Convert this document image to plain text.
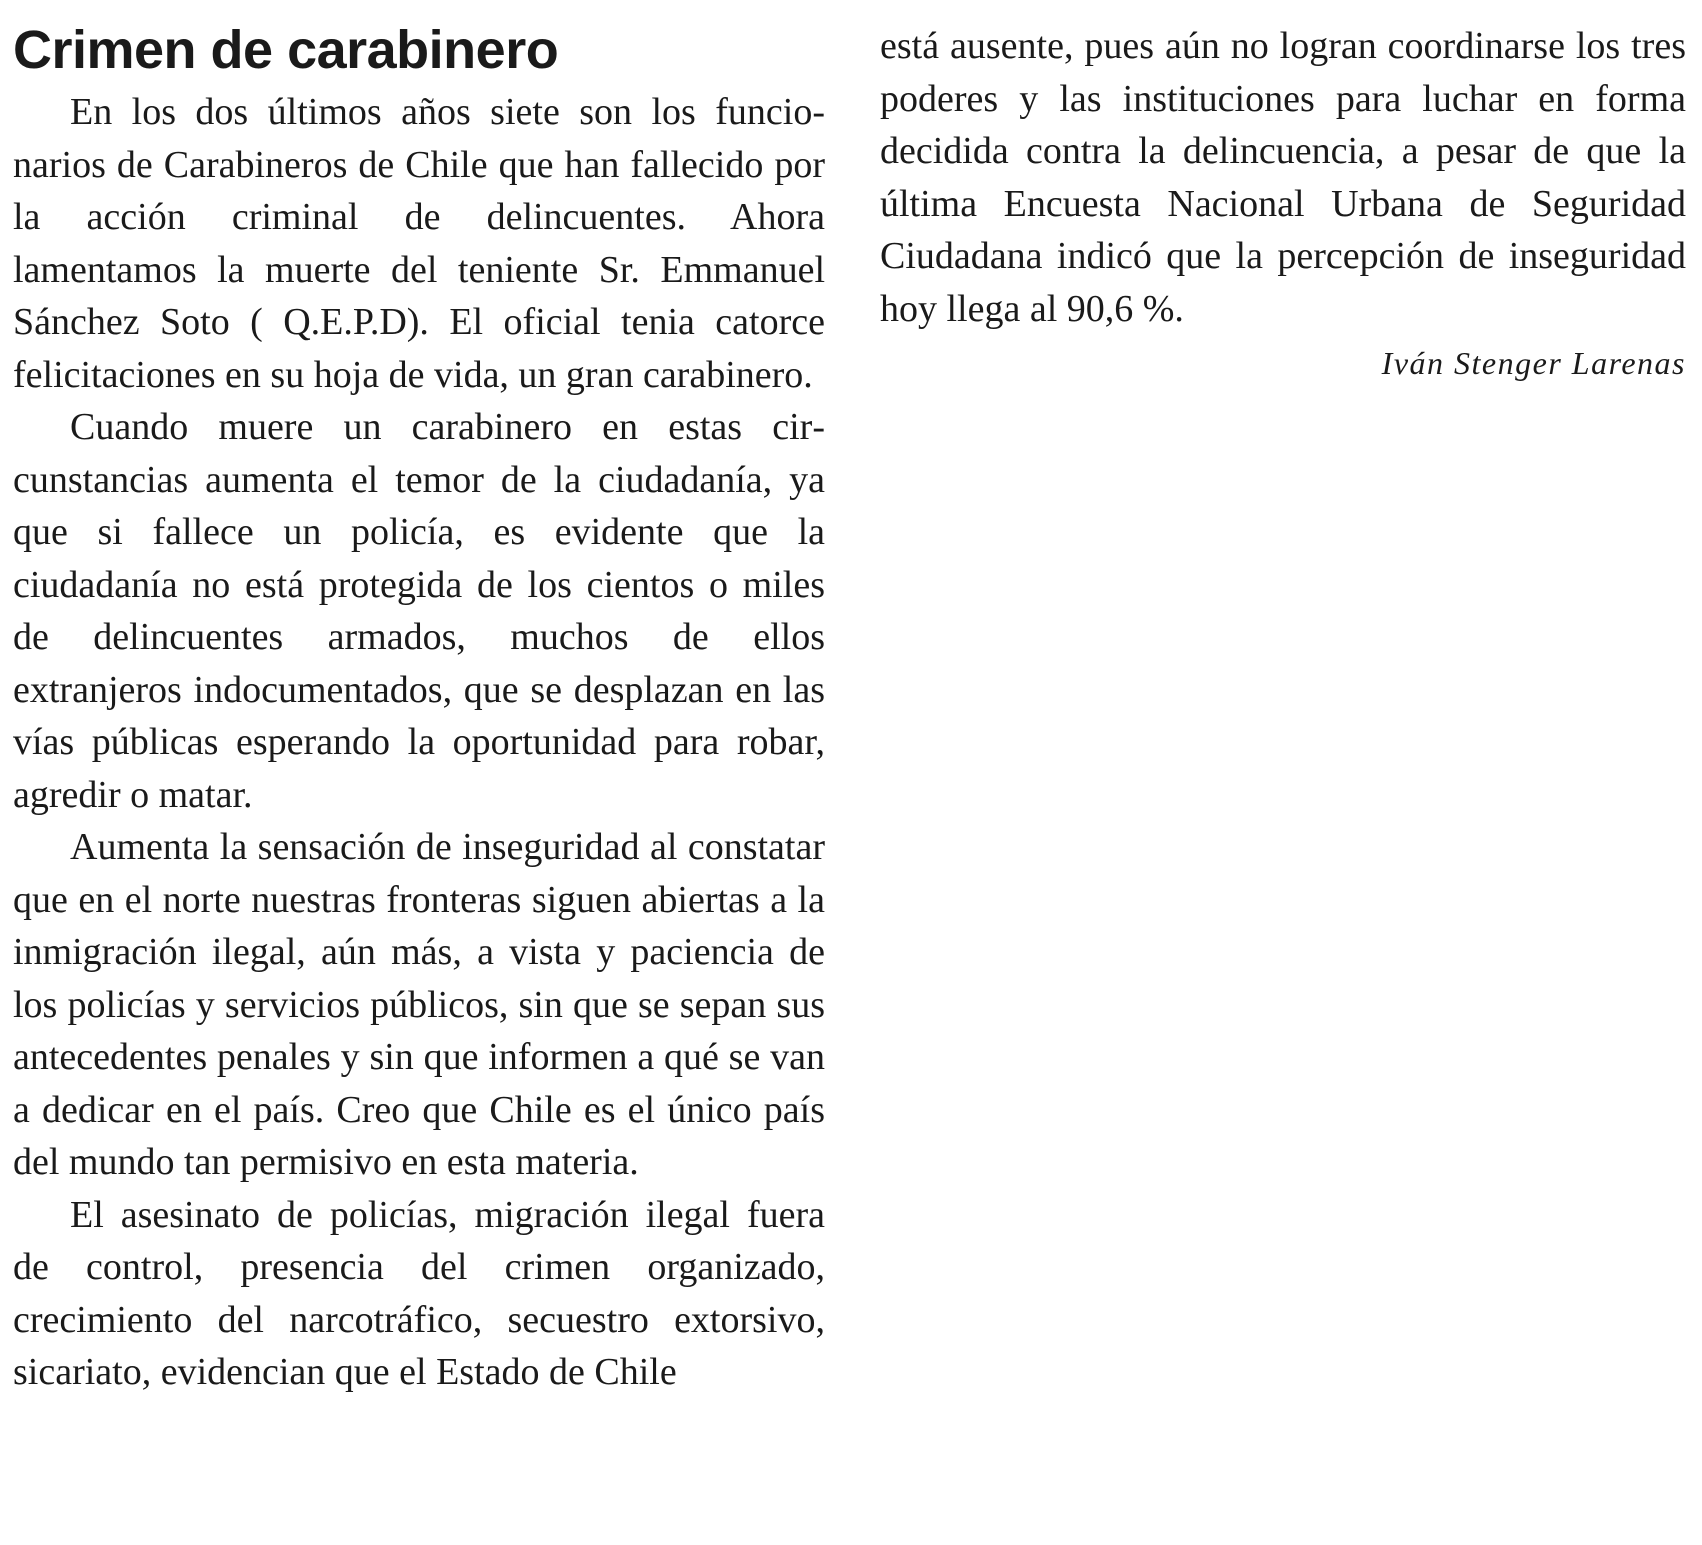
Crimen de carabinero

En los dos últimos años siete son los funcionarios de Carabineros de Chile que han fallecido por la acción criminal de delincuentes. Ahora lamentamos la muerte del teniente Sr. Emmanuel Sánchez Soto ( Q.E.P.D). El oficial tenia catorce felicitaciones en su hoja de vida, un gran carabinero.

Cuando muere un carabinero en estas circunstancias aumenta el temor de la ciudadanía, ya que si fallece un policía, es evidente que la ciudadanía no está protegida de los cientos o miles de delincuentes armados, muchos de ellos extranjeros indocumentados, que se desplazan en las vías públicas esperando la oportunidad para robar, agredir o matar.

Aumenta la sensación de inseguridad al constatar que en el norte nuestras fronteras siguen abiertas a la inmigración ilegal, aún más, a vista y paciencia de los policías y servicios públicos, sin que se sepan sus antecedentes penales y sin que informen a qué se van a dedicar en el país. Creo que Chile es el único país del mundo tan permisivo en esta materia.

El asesinato de policías, migración ilegal fuera de control, presencia del crimen organizado, crecimiento del narcotráfico, secuestro extorsivo, sicariato, evidencian que el Estado de Chile

está ausente, pues aún no logran coordinarse los tres poderes y las instituciones para luchar en forma decidida contra la delincuencia, a pesar de que la última Encuesta Nacional Urbana de Seguridad Ciudadana indicó que la percepción de inseguridad hoy llega al 90,6 %.

Iván Stenger Larenas
